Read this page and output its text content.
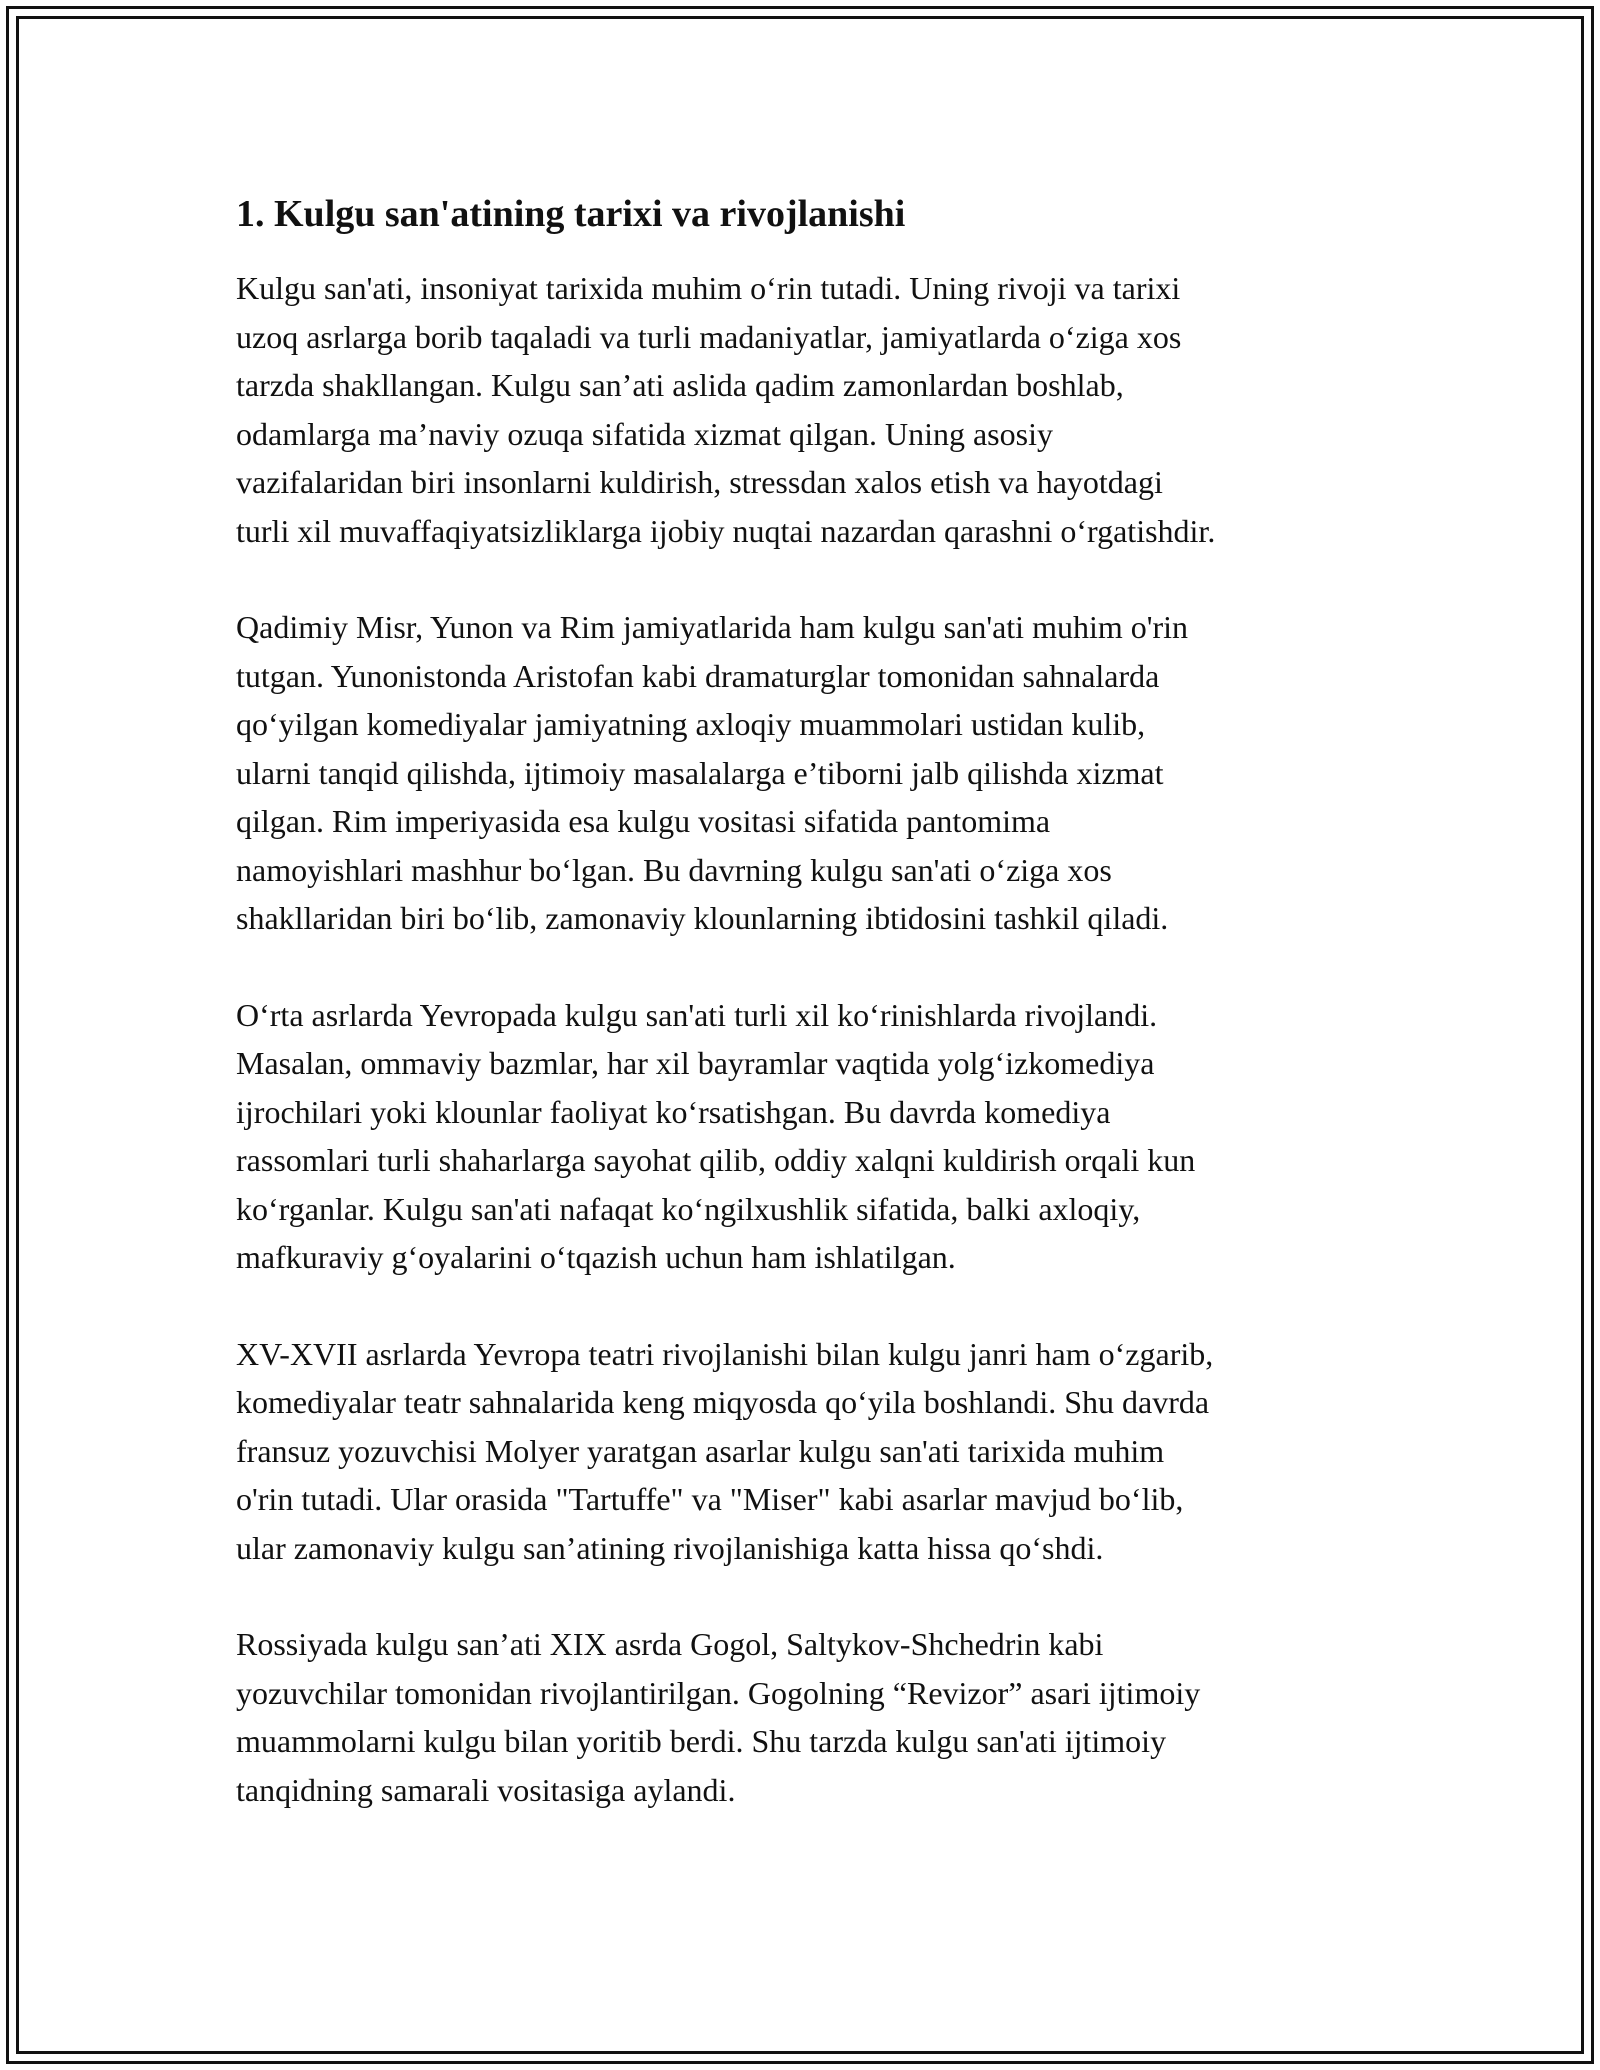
1. Kulgu san'atining tarixi va rivojlanishi

Kulgu san'ati, insoniyat tarixida muhim o‘rin tutadi. Uning rivoji va tarixi
uzoq asrlarga borib taqaladi va turli madaniyatlar, jamiyatlarda o‘ziga xos
tarzda shakllangan. Kulgu san’ati aslida qadim zamonlardan boshlab,
odamlarga ma’naviy ozuqa sifatida xizmat qilgan. Uning asosiy
vazifalaridan biri insonlarni kuldirish, stressdan xalos etish va hayotdagi
turli xil muvaffaqiyatsizliklarga ijobiy nuqtai nazardan qarashni o‘rgatishdir.

Qadimiy Misr, Yunon va Rim jamiyatlarida ham kulgu san'ati muhim o'rin
tutgan. Yunonistonda Aristofan kabi dramaturglar tomonidan sahnalarda
qo‘yilgan komediyalar jamiyatning axloqiy muammolari ustidan kulib,
ularni tanqid qilishda, ijtimoiy masalalarga e’tiborni jalb qilishda xizmat
qilgan. Rim imperiyasida esa kulgu vositasi sifatida pantomima
namoyishlari mashhur bo‘lgan. Bu davrning kulgu san'ati o‘ziga xos
shakllaridan biri bo‘lib, zamonaviy klounlarning ibtidosini tashkil qiladi.

O‘rta asrlarda Yevropada kulgu san'ati turli xil ko‘rinishlarda rivojlandi.
Masalan, ommaviy bazmlar, har xil bayramlar vaqtida yolg‘izkomediya
ijrochilari yoki klounlar faoliyat ko‘rsatishgan. Bu davrda komediya
rassomlari turli shaharlarga sayohat qilib, oddiy xalqni kuldirish orqali kun
ko‘rganlar. Kulgu san'ati nafaqat ko‘ngilxushlik sifatida, balki axloqiy,
mafkuraviy g‘oyalarini o‘tqazish uchun ham ishlatilgan.

XV-XVII asrlarda Yevropa teatri rivojlanishi bilan kulgu janri ham o‘zgarib,
komediyalar teatr sahnalarida keng miqyosda qo‘yila boshlandi. Shu davrda
fransuz yozuvchisi Molyer yaratgan asarlar kulgu san'ati tarixida muhim
o'rin tutadi. Ular orasida "Tartuffe" va "Miser" kabi asarlar mavjud bo‘lib,
ular zamonaviy kulgu san’atining rivojlanishiga katta hissa qo‘shdi.

Rossiyada kulgu san’ati XIX asrda Gogol, Saltykov-Shchedrin kabi
yozuvchilar tomonidan rivojlantirilgan. Gogolning “Revizor” asari ijtimoiy
muammolarni kulgu bilan yoritib berdi. Shu tarzda kulgu san'ati ijtimoiy
tanqidning samarali vositasiga aylandi.
